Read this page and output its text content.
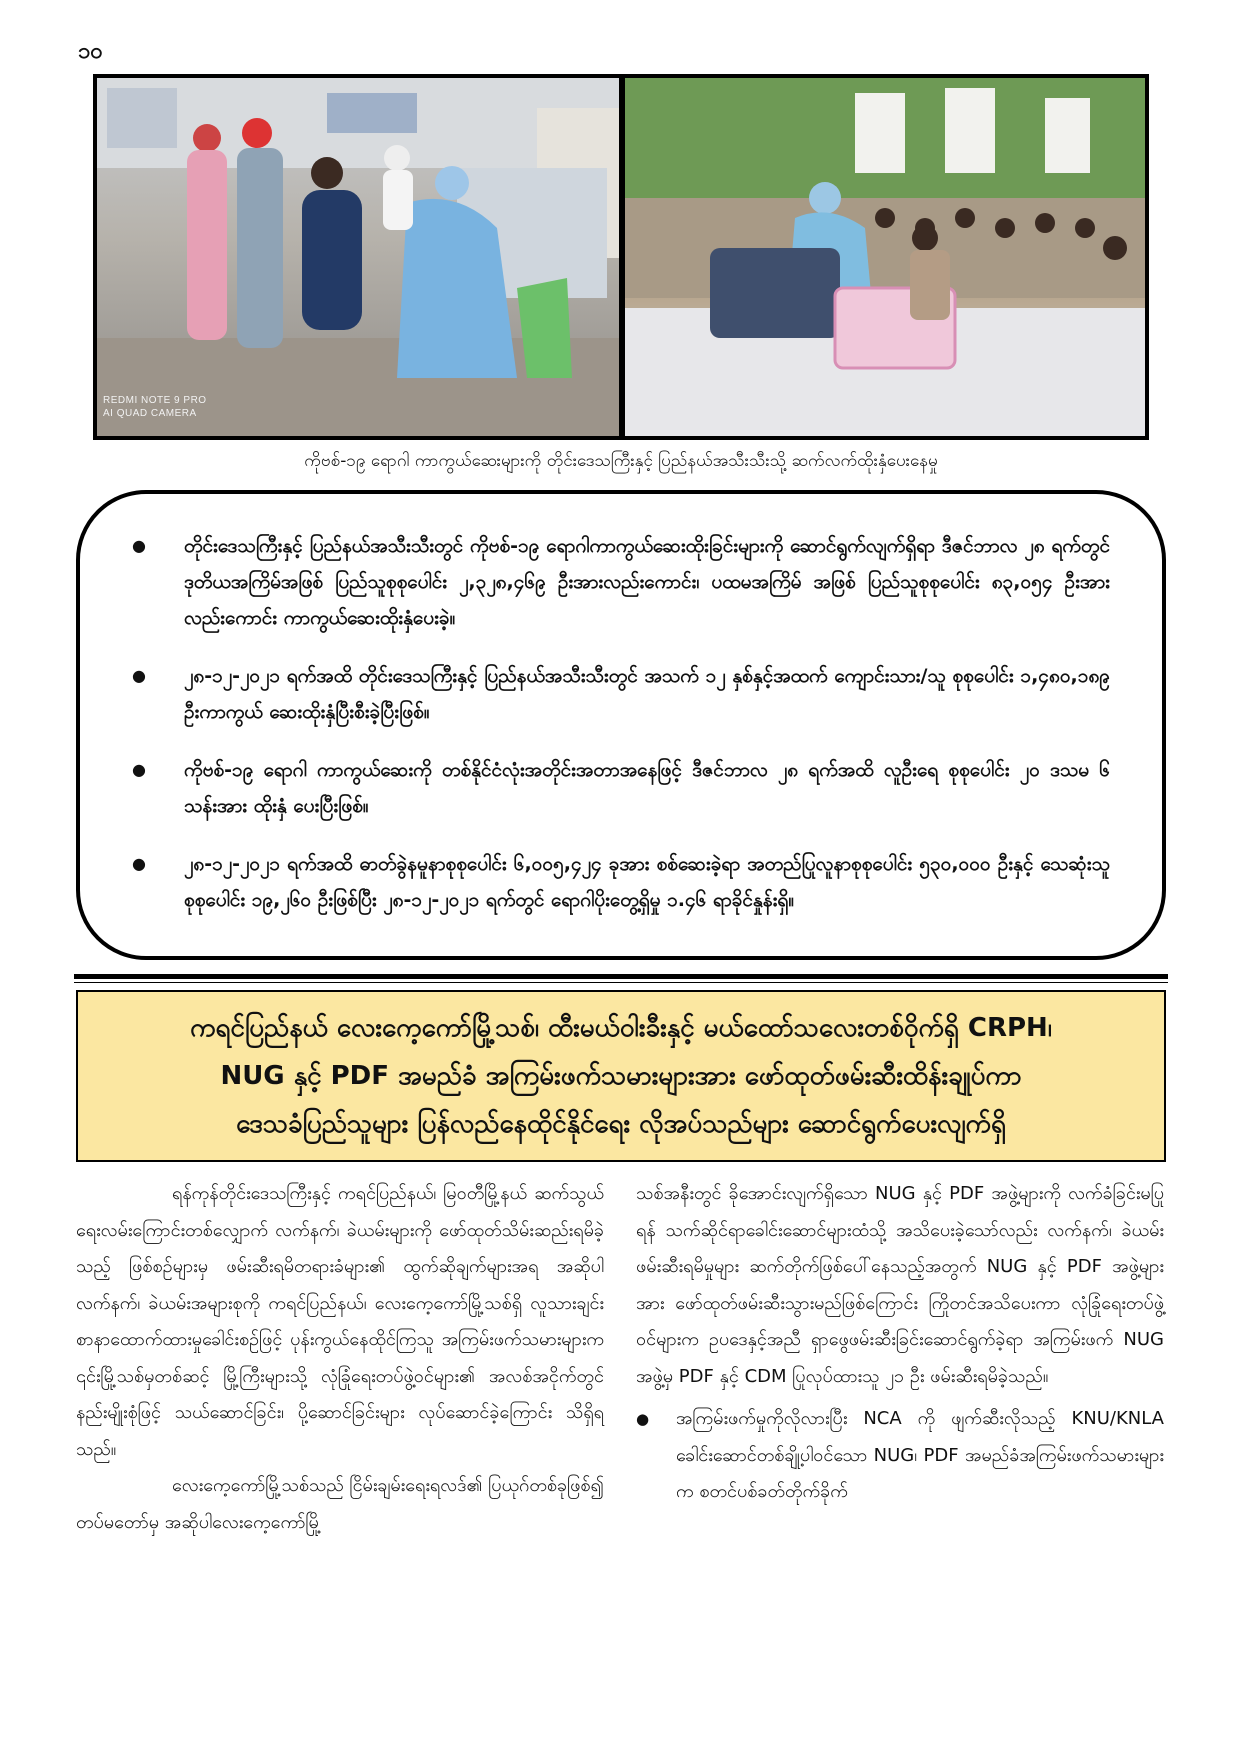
၁၀
REDMI NOTE 9 PRO
AI QUAD CAMERA
ကိုဗစ်-၁၉ ရောဂါ ကာကွယ်ဆေးများကို တိုင်းဒေသကြီးနှင့် ပြည်နယ်အသီးသီးသို့ ဆက်လက်ထိုးနှံပေးနေမှု

● တိုင်းဒေသကြီးနှင့် ပြည်နယ်အသီးသီးတွင် ကိုဗစ်-၁၉ ရောဂါကာကွယ်ဆေးထိုးခြင်းများကို ဆောင်ရွက်လျက်ရှိရာ ဒီဇင်ဘာလ ၂၈ ရက်တွင် ဒုတိယအကြိမ်အဖြစ် ပြည်သူစုစုပေါင်း ၂,၃၂၈,၄၆၉ ဦးအားလည်းကောင်း၊ ပထမအကြိမ် အဖြစ် ပြည်သူစုစုပေါင်း ၈၃,၀၅၄ ဦးအားလည်းကောင်း ကာကွယ်ဆေးထိုးနှံပေးခဲ့။

● ၂၈-၁၂-၂၀၂၁ ရက်အထိ တိုင်းဒေသကြီးနှင့် ပြည်နယ်အသီးသီးတွင် အသက် ၁၂ နှစ်နှင့်အထက် ကျောင်းသား/သူ စုစုပေါင်း ၁,၄၈၀,၁၈၉ ဦးကာကွယ် ဆေးထိုးနှံပြီးစီးခဲ့ပြီးဖြစ်။

● ကိုဗစ်-၁၉ ရောဂါ ကာကွယ်ဆေးကို တစ်နိုင်ငံလုံးအတိုင်းအတာအနေဖြင့် ဒီဇင်ဘာလ ၂၈ ရက်အထိ လူဦးရေ စုစုပေါင်း ၂၀ ဒသမ ၆ သန်းအား ထိုးနှံ ပေးပြီးဖြစ်။

● ၂၈-၁၂-၂၀၂၁ ရက်အထိ ဓာတ်ခွဲနမူနာစုစုပေါင်း ၆,၀၀၅,၄၂၄ ခုအား စစ်ဆေးခဲ့ရာ အတည်ပြုလူနာစုစုပေါင်း ၅၃၀,၀၀၀ ဦးနှင့် သေဆုံးသူစုစုပေါင်း ၁၉,၂၆၀ ဦးဖြစ်ပြီး ၂၈-၁၂-၂၀၂၁ ရက်တွင် ရောဂါပိုးတွေ့ရှိမှု ၁.၄၆ ရာခိုင်နှုန်းရှိ။

ကရင်ပြည်နယ် လေးကေ့ကော်မြို့သစ်၊ ထီးမယ်ဝါးခီးနှင့် မယ်ထော်သလေးတစ်ဝိုက်ရှိ CRPH၊
NUG နှင့် PDF အမည်ခံ အကြမ်းဖက်သမားများအား ဖော်ထုတ်ဖမ်းဆီးထိန်းချုပ်ကာ
ဒေသခံပြည်သူများ ပြန်လည်နေထိုင်နိုင်ရေး လိုအပ်သည်များ ဆောင်ရွက်ပေးလျက်ရှိ

ရန်ကုန်တိုင်းဒေသကြီးနှင့် ကရင်ပြည်နယ်၊ မြဝတီမြို့နယ် ဆက်သွယ်ရေးလမ်းကြောင်းတစ်လျှောက် လက်နက်၊ ခဲယမ်းများကို ဖော်ထုတ်သိမ်းဆည်းရမိခဲ့သည့် ဖြစ်စဉ်များမှ ဖမ်းဆီးရမိတရားခံများ၏ ထွက်ဆိုချက်များအရ အဆိုပါလက်နက်၊ ခဲယမ်းအများစုကို ကရင်ပြည်နယ်၊ လေးကေ့ကော်မြို့သစ်ရှိ လူသားချင်းစာနာထောက်ထားမှုခေါင်းစဉ်ဖြင့် ပုန်းကွယ်နေထိုင်ကြသူ အကြမ်းဖက်သမားများက ၎င်းမြို့သစ်မှတစ်ဆင့် မြို့ကြီးများသို့ လုံခြုံရေးတပ်ဖွဲ့ဝင်များ၏ အလစ်အငိုက်တွင် နည်းမျိုးစုံဖြင့် သယ်ဆောင်ခြင်း၊ ပို့ဆောင်ခြင်းများ လုပ်ဆောင်ခဲ့ကြောင်း သိရှိရသည်။

လေးကေ့ကော်မြို့သစ်သည် ငြိမ်းချမ်းရေးရလဒ်၏ ပြယုဂ်တစ်ခုဖြစ်၍ တပ်မတော်မှ အဆိုပါလေးကေ့ကော်မြို့

သစ်အနီးတွင် ခိုအောင်းလျက်ရှိသော NUG နှင့် PDF အဖွဲ့များကို လက်ခံခြင်းမပြုရန် သက်ဆိုင်ရာခေါင်းဆောင်များထံသို့ အသိပေးခဲ့သော်လည်း လက်နက်၊ ခဲယမ်းဖမ်းဆီးရမိမှုများ ဆက်တိုက်ဖြစ်ပေါ်နေသည့်အတွက် NUG နှင့် PDF အဖွဲ့များအား ဖော်ထုတ်ဖမ်းဆီးသွားမည်ဖြစ်ကြောင်း ကြိုတင်အသိပေးကာ လုံခြုံရေးတပ်ဖွဲ့ဝင်များက ဥပဒေနှင့်အညီ ရှာဖွေဖမ်းဆီးခြင်းဆောင်ရွက်ခဲ့ရာ အကြမ်းဖက် NUG အဖွဲ့မှ PDF နှင့် CDM ပြုလုပ်ထားသူ ၂၁ ဦး ဖမ်းဆီးရမိခဲ့သည်။

● အကြမ်းဖက်မှုကိုလိုလားပြီး NCA ကို ဖျက်ဆီးလိုသည့် KNU/KNLA ခေါင်းဆောင်တစ်ချို့ပါဝင်သော NUG၊ PDF အမည်ခံအကြမ်းဖက်သမားများက စတင်ပစ်ခတ်တိုက်ခိုက်
